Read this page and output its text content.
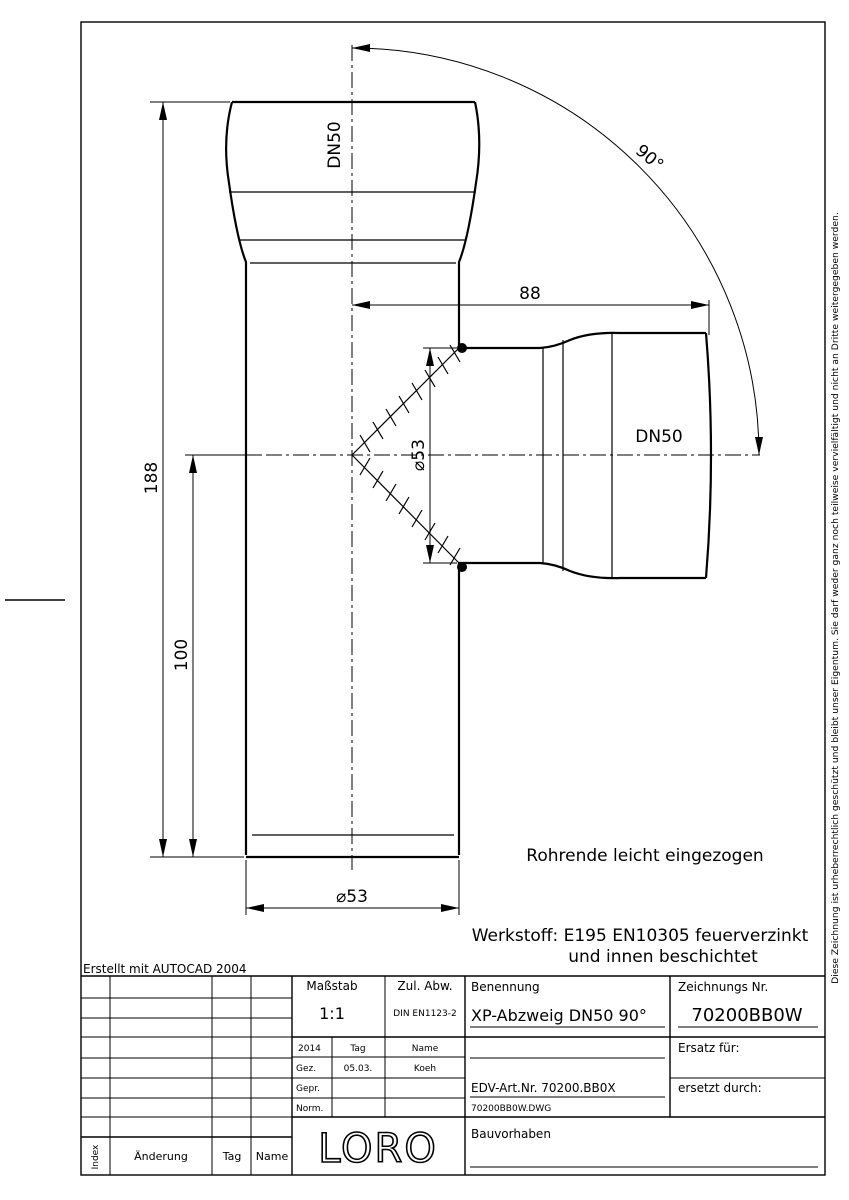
188
100
88
⌀53
⌀53
90°
DN50
DN50
Rohrende leicht eingezogen
Werkstoff: E195 EN10305 feuerverzinkt
und innen beschichtet
Erstellt mit AUTOCAD 2004	Diese Zeichnung ist urheberrechtlich geschützt und bleibt unser Eigentum. Sie darf weder ganz noch teilweise vervielfältigt und nicht an Dritte weitergegeben werden.
Index	Änderung	Tag Name
Maßstab
1:1
Zul. Abw.
DIN EN1123-2
Benennung
XP-Abzweig DN50 90°
Zeichnungs Nr.
70200BB0W
2014	Tag	Name
Gez.	05.03.	Koeh
Gepr.
Norm.
Ersatz für:
ersetzt durch:
EDV-Art.Nr. 70200.BB0X
70200BB0W.DWG
Bauvorhaben
LORO
